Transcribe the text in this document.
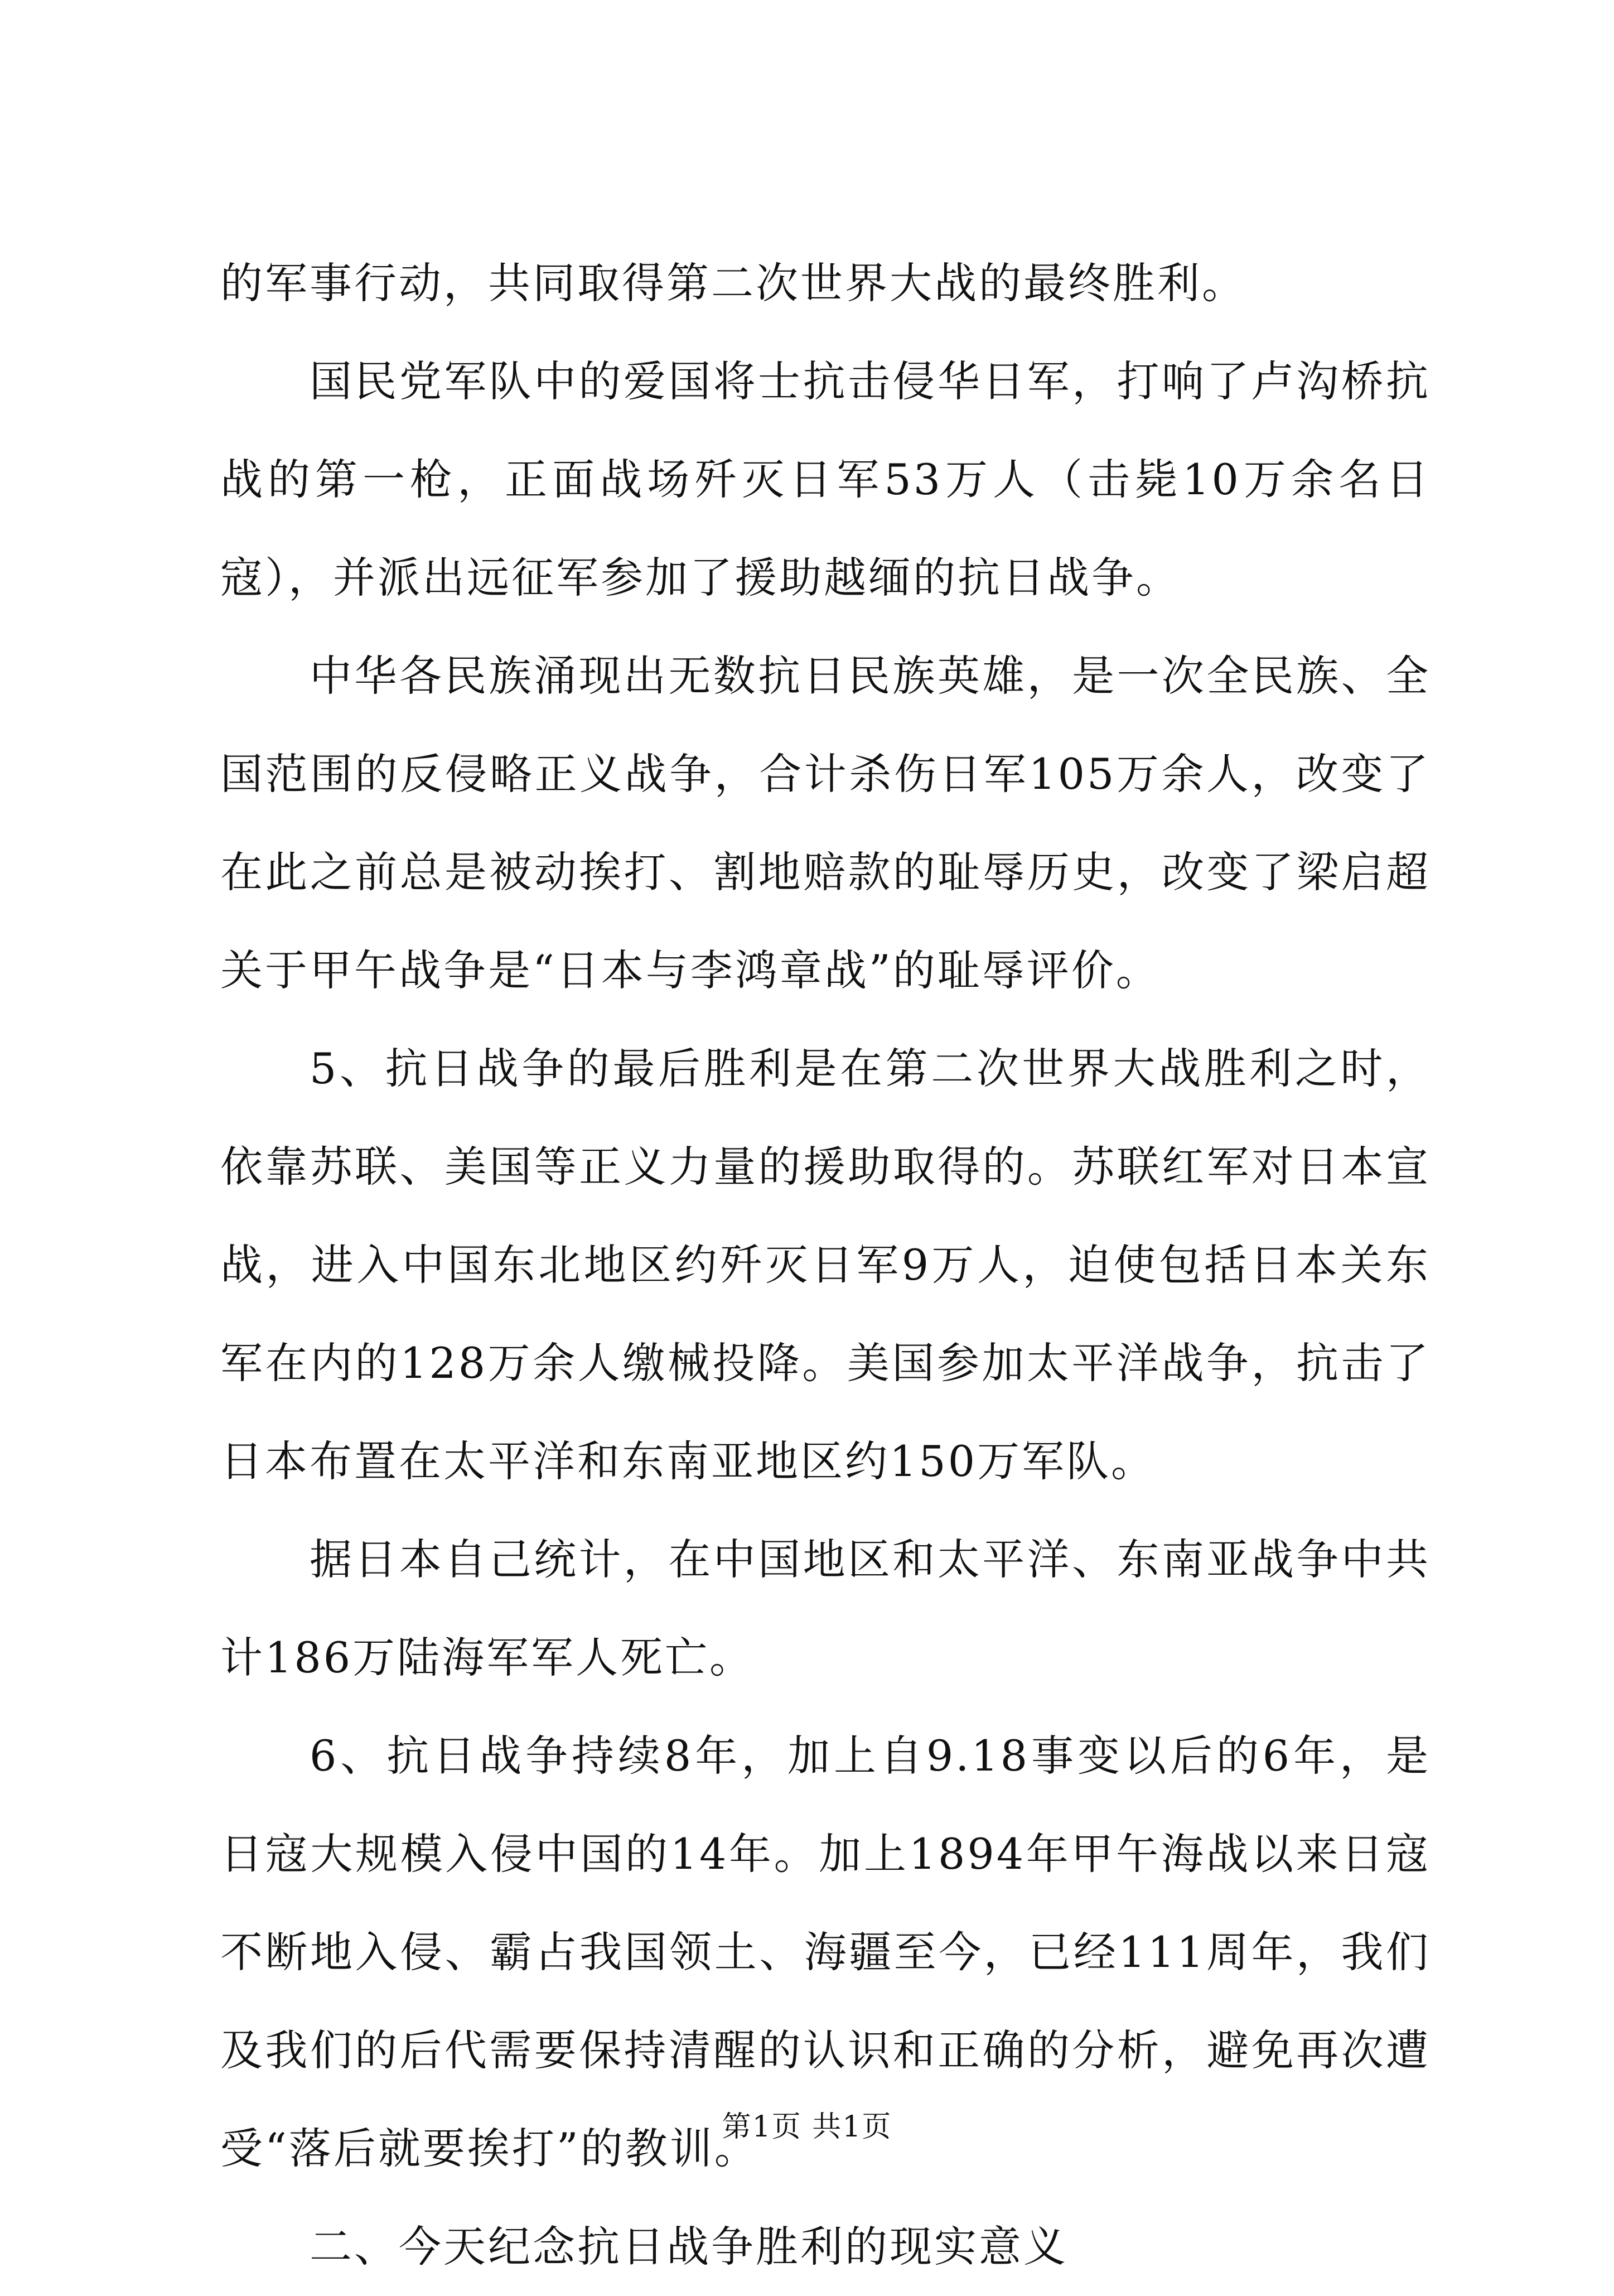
的军事行动，共同取得第二次世界大战的最终胜利。

国民党军队中的爱国将士抗击侵华日军，打响了卢沟桥抗战的第一枪，正面战场歼灭日军53万人（击毙10万余名日寇），并派出远征军参加了援助越缅的抗日战争。

中华各民族涌现出无数抗日民族英雄，是一次全民族、全国范围的反侵略正义战争，合计杀伤日军105万余人，改变了在此之前总是被动挨打、割地赔款的耻辱历史，改变了梁启超关于甲午战争是“日本与李鸿章战”的耻辱评价。

5、抗日战争的最后胜利是在第二次世界大战胜利之时，依靠苏联、美国等正义力量的援助取得的。苏联红军对日本宣战，进入中国东北地区约歼灭日军9万人，迫使包括日本关东军在内的128万余人缴械投降。美国参加太平洋战争，抗击了日本布置在太平洋和东南亚地区约150万军队。

据日本自己统计，在中国地区和太平洋、东南亚战争中共计186万陆海军军人死亡。

6、抗日战争持续8年，加上自9.18事变以后的6年，是日寇大规模入侵中国的14年。加上1894年甲午海战以来日寇不断地入侵、霸占我国领土、海疆至今，已经111周年，我们及我们的后代需要保持清醒的认识和正确的分析，避免再次遭受“落后就要挨打”的教训。

二、今天纪念抗日战争胜利的现实意义

第1页 共1页
